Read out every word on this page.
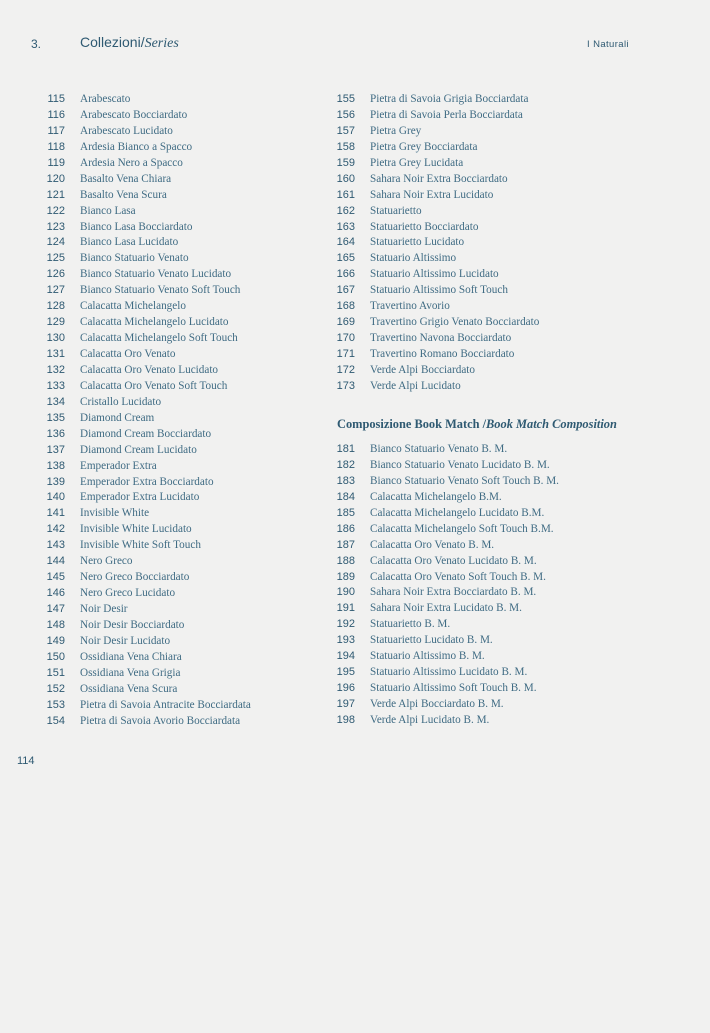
3.	Collezioni/Series	I Naturali
115 Arabescato
116 Arabescato Bocciardato
117 Arabescato Lucidato
118 Ardesia Bianco a Spacco
119 Ardesia Nero a Spacco
120 Basalto Vena Chiara
121 Basalto Vena Scura
122 Bianco Lasa
123 Bianco Lasa Bocciardato
124 Bianco Lasa Lucidato
125 Bianco Statuario Venato
126 Bianco Statuario Venato Lucidato
127 Bianco Statuario Venato Soft Touch
128 Calacatta Michelangelo
129 Calacatta Michelangelo Lucidato
130 Calacatta Michelangelo Soft Touch
131 Calacatta Oro Venato
132 Calacatta Oro Venato Lucidato
133 Calacatta Oro Venato Soft Touch
134 Cristallo Lucidato
135 Diamond Cream
136 Diamond Cream Bocciardato
137 Diamond Cream Lucidato
138 Emperador Extra
139 Emperador Extra Bocciardato
140 Emperador Extra Lucidato
141 Invisible White
142 Invisible White Lucidato
143 Invisible White Soft Touch
144 Nero Greco
145 Nero Greco Bocciardato
146 Nero Greco Lucidato
147 Noir Desir
148 Noir Desir Bocciardato
149 Noir Desir Lucidato
150 Ossidiana Vena Chiara
151 Ossidiana Vena Grigia
152 Ossidiana Vena Scura
153 Pietra di Savoia Antracite Bocciardata
154 Pietra di Savoia Avorio Bocciardata
155 Pietra di Savoia Grigia Bocciardata
156 Pietra di Savoia Perla Bocciardata
157 Pietra Grey
158 Pietra Grey Bocciardata
159 Pietra Grey Lucidata
160 Sahara Noir Extra Bocciardato
161 Sahara Noir Extra Lucidato
162 Statuarietto
163 Statuarietto Bocciardato
164 Statuarietto Lucidato
165 Statuario Altissimo
166 Statuario Altissimo Lucidato
167 Statuario Altissimo Soft Touch
168 Travertino Avorio
169 Travertino Grigio Venato Bocciardato
170 Travertino Navona Bocciardato
171 Travertino Romano Bocciardato
172 Verde Alpi Bocciardato
173 Verde Alpi Lucidato
Composizione Book Match /Book Match Composition
181 Bianco Statuario Venato B. M.
182 Bianco Statuario Venato Lucidato B. M.
183 Bianco Statuario Venato Soft Touch B. M.
184 Calacatta Michelangelo B.M.
185 Calacatta Michelangelo Lucidato B.M.
186 Calacatta Michelangelo Soft Touch B.M.
187 Calacatta Oro Venato B. M.
188 Calacatta Oro Venato Lucidato B. M.
189 Calacatta Oro Venato Soft Touch B. M.
190 Sahara Noir Extra Bocciardato B. M.
191 Sahara Noir Extra Lucidato B. M.
192 Statuarietto B. M.
193 Statuarietto Lucidato B. M.
194 Statuario Altissimo B. M.
195 Statuario Altissimo Lucidato B. M.
196 Statuario Altissimo Soft Touch B. M.
197 Verde Alpi Bocciardato B. M.
198 Verde Alpi Lucidato B. M.
114
